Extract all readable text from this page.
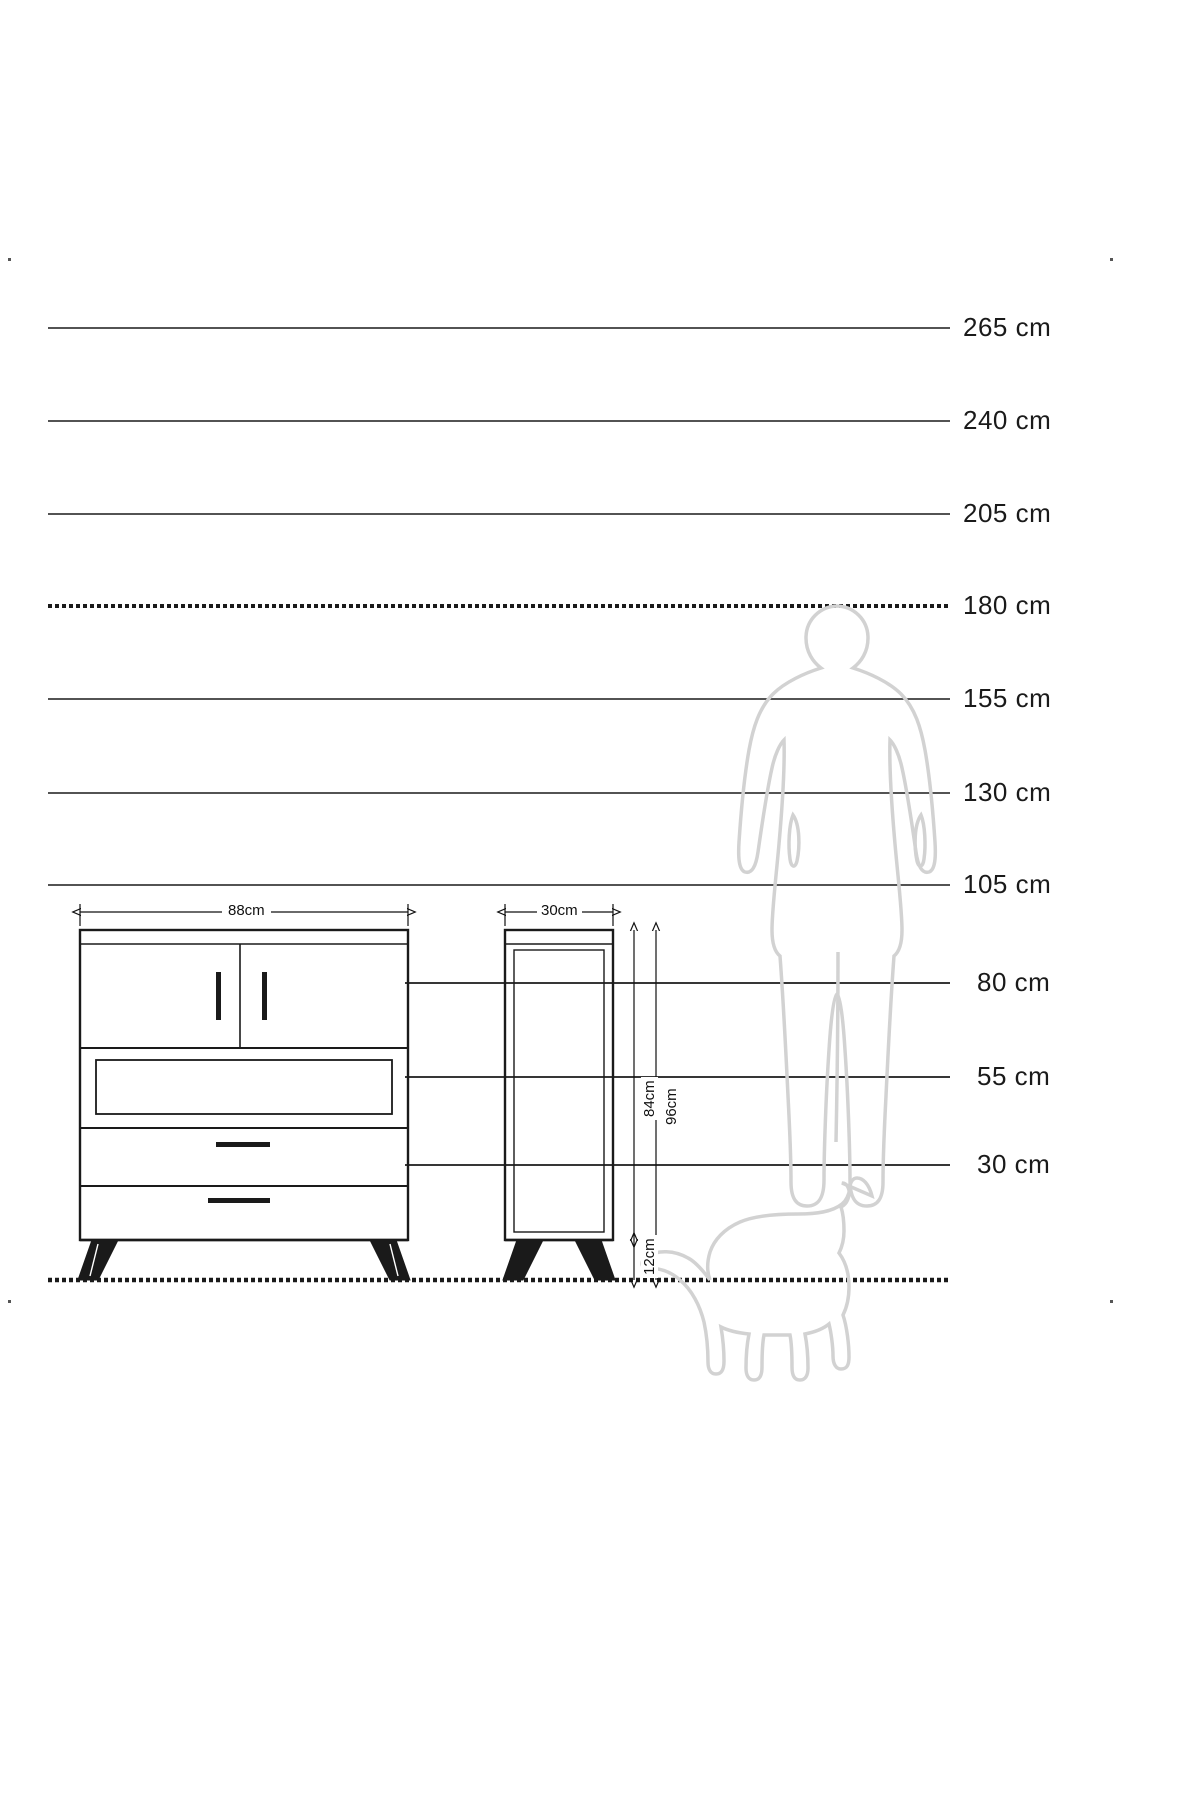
265 cm
240 cm
205 cm
180 cm
155 cm
130 cm
105 cm
80 cm
55 cm
30 cm
88cm	30cm
84cm 96cm
12cm
